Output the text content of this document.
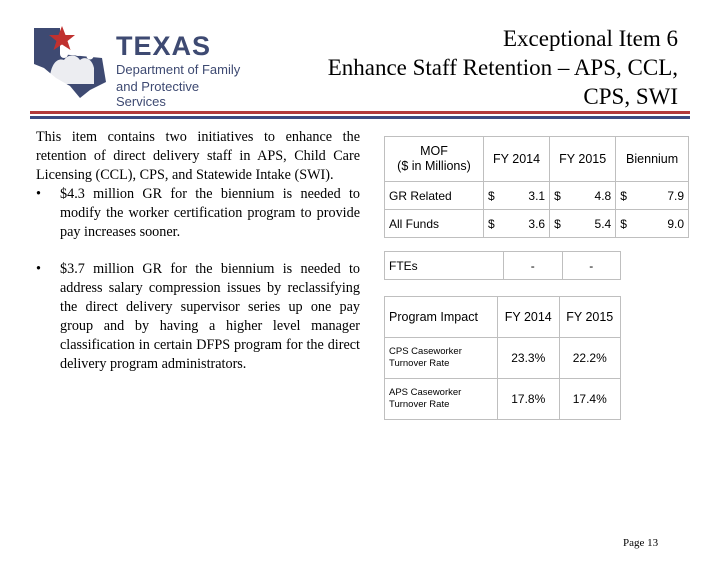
TEXAS
Department of Family
and Protective Services
Exceptional Item 6
Enhance Staff Retention – APS, CCL,
CPS, SWI

This item contains two initiatives to enhance the retention of direct delivery staff in APS, Child Care Licensing (CCL), CPS, and Statewide Intake (SWI).

•	$4.3 million GR for the biennium is needed to modify the worker certification program to provide pay increases sooner.
•	$3.7 million GR for the biennium is needed to address salary compression issues by reclassifying the direct delivery supervisor series up one pay group and by having a higher level manager classification in certain DFPS program for the direct delivery program administrators.
MOF
($ in Millions)	FY 2014		FY 2015		Biennium	
GR Related	$	3.1	$	4.8	$	7.9
All Funds	$	3.6	$	5.4	$	9.0
FTEs	-	-
Program Impact	FY 2014	FY 2015

CPS Caseworker
Turnover Rate	23.3%	22.2%

APS Caseworker
Turnover Rate	17.8%	17.4%
Page 13
